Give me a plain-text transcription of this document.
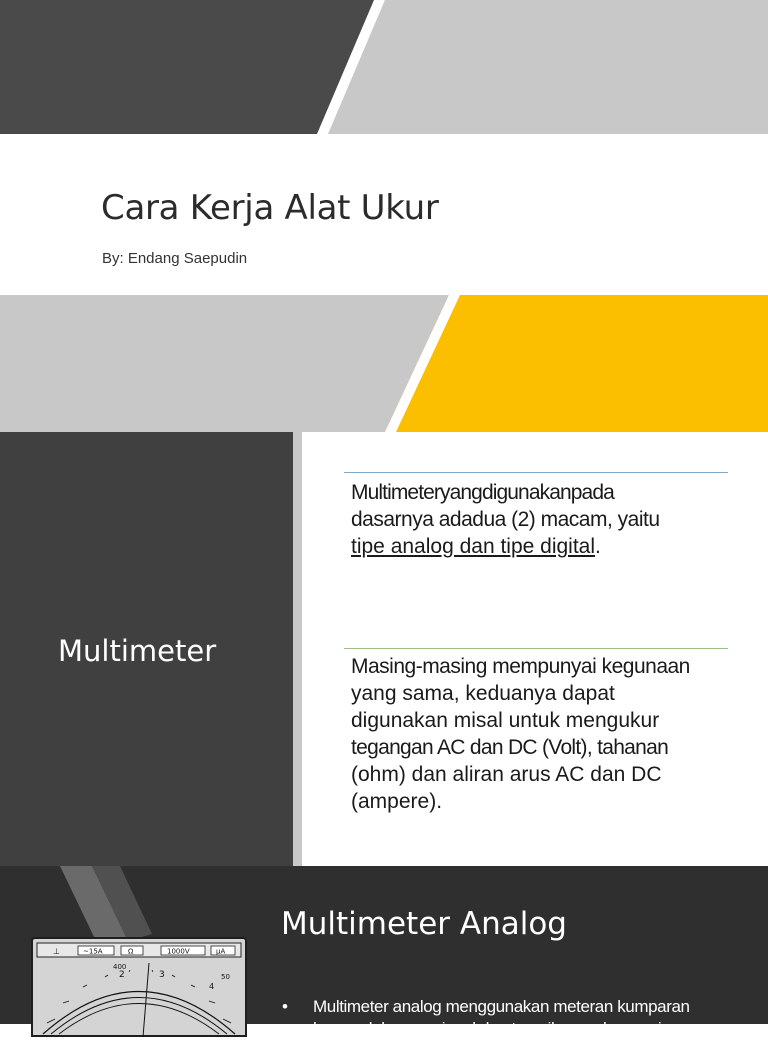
Cara Kerja Alat Ukur
By: Endang Saepudin
Multimeter
Multimeteryangdigunakanpada
dasarnya adadua (2) macam, yaitu
tipe analog dan tipe digital.
Masing-masing mempunyai kegunaan
yang sama, keduanya dapat
digunakan misal untuk mengukur
tegangan AC dan DC (Volt), tahanan
(ohm) dan aliran arus AC dan DC
(ampere).
⊥	~15A	Ω	1000V	μA
400
2	3
4
50
Multimeter Analog
• Multimeter analog menggunakan meteran kumparan bergerak konvensional dan tampilannya berupa jarum
